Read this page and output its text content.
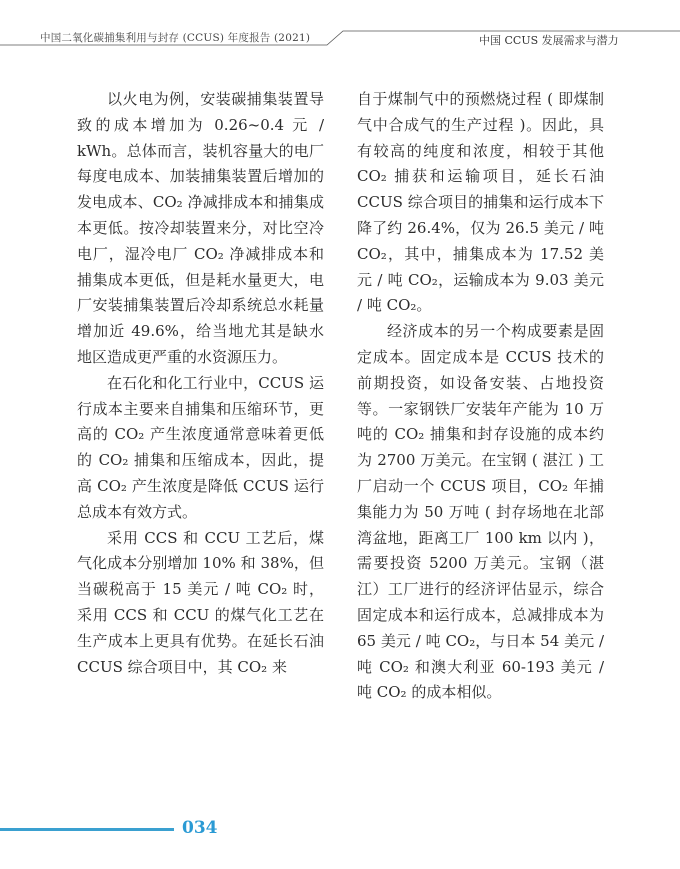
中国二氧化碳捕集利用与封存 (CCUS) 年度报告 (2021)	中国 CCUS 发展需求与潜力

以火电为例，安装碳捕集装置导致的成本增加为 0.26~0.4 元 / kWh。总体而言，装机容量大的电厂每度电成本、加装捕集装置后增加的发电成本、CO₂ 净减排成本和捕集成本更低。按冷却装置来分，对比空冷电厂，湿冷电厂 CO₂ 净减排成本和捕集成本更低，但是耗水量更大，电厂安装捕集装置后冷却系统总水耗量增加近 49.6%，给当地尤其是缺水地区造成更严重的水资源压力。

在石化和化工行业中，CCUS 运行成本主要来自捕集和压缩环节，更高的 CO₂ 产生浓度通常意味着更低的 CO₂ 捕集和压缩成本，因此，提高 CO₂ 产生浓度是降低 CCUS 运行总成本有效方式。

采用 CCS 和 CCU 工艺后，煤气化成本分别增加 10% 和 38%，但当碳税高于 15 美元 / 吨 CO₂ 时，采用 CCS 和 CCU 的煤气化工艺在生产成本上更具有优势。在延长石油 CCUS 综合项目中，其 CO₂ 来

自于煤制气中的预燃烧过程 ( 即煤制气中合成气的生产过程 )。因此，具有较高的纯度和浓度，相较于其他 CO₂ 捕获和运输项目，延长石油 CCUS 综合项目的捕集和运行成本下降了约 26.4%，仅为 26.5 美元 / 吨 CO₂，其中，捕集成本为 17.52 美元 / 吨 CO₂，运输成本为 9.03 美元 / 吨 CO₂。

经济成本的另一个构成要素是固定成本。固定成本是 CCUS 技术的前期投资，如设备安装、占地投资等。一家钢铁厂安装年产能为 10 万吨的 CO₂ 捕集和封存设施的成本约为 2700 万美元。在宝钢 ( 湛江 ) 工厂启动一个 CCUS 项目，CO₂ 年捕集能力为 50 万吨 ( 封存场地在北部湾盆地，距离工厂 100 km 以内 )，需要投资 5200 万美元。宝钢（湛江）工厂进行的经济评估显示，综合固定成本和运行成本，总减排成本为 65 美元 / 吨 CO₂，与日本 54 美元 / 吨 CO₂ 和澳大利亚 60-193 美元 / 吨 CO₂ 的成本相似。

034
